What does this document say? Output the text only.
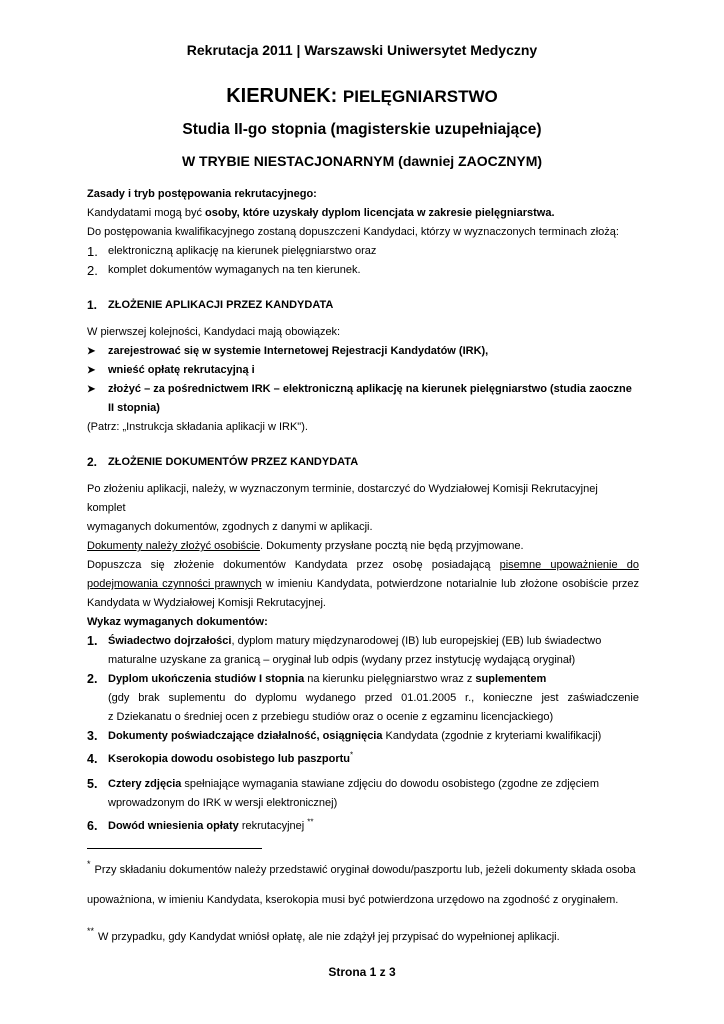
Rekrutacja 2011 | Warszawski Uniwersytet Medyczny
KIERUNEK: PIELĘGNIARSTWO
Studia II-go stopnia (magisterskie uzupełniające)
W TRYBIE NIESTACJONARNYM (dawniej ZAOCZNYM)
Zasady i tryb postępowania rekrutacyjnego:
Kandydatami mogą być osoby, które uzyskały dyplom licencjata w zakresie pielęgniarstwa.
Do postępowania kwalifikacyjnego zostaną dopuszczeni Kandydaci, którzy w wyznaczonych terminach złożą:
1. elektroniczną aplikację na kierunek pielęgniarstwo oraz
2. komplet dokumentów wymaganych na ten kierunek.
1. ZŁOŻENIE APLIKACJI PRZEZ KANDYDATA
W pierwszej kolejności, Kandydaci mają obowiązek:
➤	zarejestrować się w systemie Internetowej Rejestracji Kandydatów (IRK),
➤	wnieść opłatę rekrutacyjną i
➤	złożyć – za pośrednictwem IRK – elektroniczną aplikację na kierunek pielęgniarstwo (studia zaoczne
II stopnia)
(Patrz: „Instrukcja składania aplikacji w IRK").
2. ZŁOŻENIE DOKUMENTÓW PRZEZ KANDYDATA
Po złożeniu aplikacji, należy, w wyznaczonym terminie, dostarczyć do Wydziałowej Komisji Rekrutacyjnej komplet
wymaganych dokumentów, zgodnych z danymi w aplikacji.
Dokumenty należy złożyć osobiście. Dokumenty przysłane pocztą nie będą przyjmowane.
Dopuszcza się złożenie dokumentów Kandydata przez osobę posiadającą pisemne upoważnienie do
podejmowania czynności prawnych w imieniu Kandydata, potwierdzone notarialnie lub złożone osobiście przez
Kandydata w Wydziałowej Komisji Rekrutacyjnej.
Wykaz wymaganych dokumentów:
1. Świadectwo dojrzałości, dyplom matury międzynarodowej (IB) lub europejskiej (EB) lub świadectwo
maturalne uzyskane za granicą – oryginał lub odpis (wydany przez instytucję wydającą oryginał)
2. Dyplom ukończenia studiów I stopnia na kierunku pielęgniarstwo wraz z suplementem
(gdy brak suplementu do dyplomu wydanego przed 01.01.2005 r., konieczne jest zaświadczenie
z Dziekanatu o średniej ocen z przebiegu studiów oraz o ocenie z egzaminu licencjackiego)
3. Dokumenty poświadczające działalność, osiągnięcia Kandydata (zgodnie z kryteriami kwalifikacji)
4. Kserokopia dowodu osobistego lub paszportu*
5. Cztery zdjęcia spełniające wymagania stawiane zdjęciu do dowodu osobistego (zgodne ze zdjęciem
wprowadzonym do IRK w wersji elektronicznej)
6. Dowód wniesienia opłaty rekrutacyjnej **
* Przy składaniu dokumentów należy przedstawić oryginał dowodu/paszportu lub, jeżeli dokumenty składa osoba
upoważniona, w imieniu Kandydata, kserokopia musi być potwierdzona urzędowo na zgodność z oryginałem.
** W przypadku, gdy Kandydat wniósł opłatę, ale nie zdążył jej przypisać do wypełnionej aplikacji.
Strona 1 z 3
